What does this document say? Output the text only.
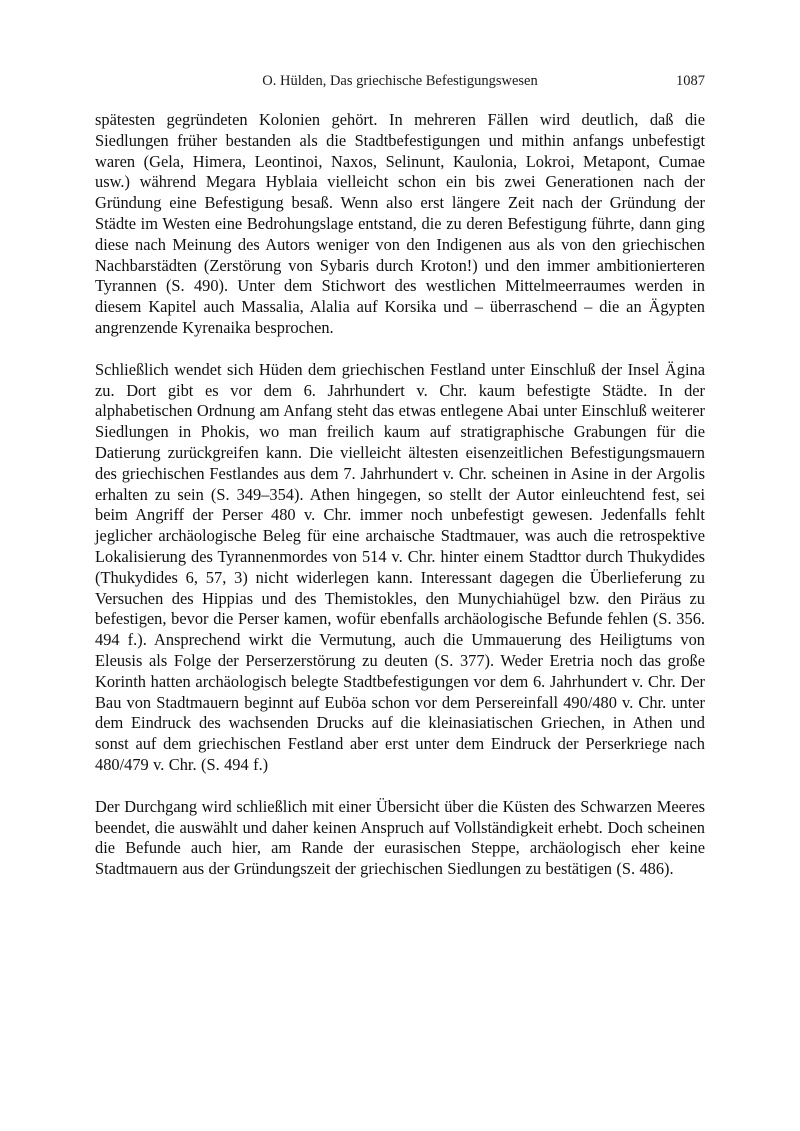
O. Hülden, Das griechische Befestigungswesen	1087

spätesten gegründeten Kolonien gehört. In mehreren Fällen wird deutlich, daß die Siedlungen früher bestanden als die Stadtbefestigungen und mithin anfangs unbefestigt waren (Gela, Himera, Leontinoi, Naxos, Selinunt, Kaulonia, Lokroi, Metapont, Cumae usw.) während Megara Hyblaia vielleicht schon ein bis zwei Generationen nach der Gründung eine Befestigung besaß. Wenn also erst längere Zeit nach der Gründung der Städte im Westen eine Bedrohungslage entstand, die zu deren Befestigung führte, dann ging diese nach Meinung des Autors weniger von den Indigenen aus als von den griechischen Nachbarstädten (Zerstörung von Sybaris durch Kroton!) und den immer ambitionierteren Tyrannen (S. 490). Unter dem Stichwort des westlichen Mittelmeerraumes werden in diesem Kapitel auch Massalia, Alalia auf Korsika und – überraschend – die an Ägypten angrenzende Kyrenaika besprochen.

Schließlich wendet sich Hüden dem griechischen Festland unter Einschluß der Insel Ägina zu. Dort gibt es vor dem 6. Jahrhundert v. Chr. kaum befestigte Städte. In der alphabetischen Ordnung am Anfang steht das etwas entlegene Abai unter Einschluß weiterer Siedlungen in Phokis, wo man freilich kaum auf stratigraphische Grabungen für die Datierung zurückgreifen kann. Die vielleicht ältesten eisenzeitlichen Befestigungsmauern des griechischen Festlandes aus dem 7. Jahrhundert v. Chr. scheinen in Asine in der Argolis erhalten zu sein (S. 349–354). Athen hingegen, so stellt der Autor einleuchtend fest, sei beim Angriff der Perser 480 v. Chr. immer noch unbefestigt gewesen. Jedenfalls fehlt jeglicher archäologische Beleg für eine archaische Stadtmauer, was auch die retrospektive Lokalisierung des Tyrannenmordes von 514 v. Chr. hinter einem Stadttor durch Thukydides (Thukydides 6, 57, 3) nicht widerlegen kann. Interessant dagegen die Überlieferung zu Versuchen des Hippias und des Themistokles, den Munychiahügel bzw. den Piräus zu befestigen, bevor die Perser kamen, wofür ebenfalls archäologische Befunde fehlen (S. 356. 494 f.). Ansprechend wirkt die Vermutung, auch die Ummauerung des Heiligtums von Eleusis als Folge der Perserzerstörung zu deuten (S. 377). Weder Eretria noch das große Korinth hatten archäologisch belegte Stadtbefestigungen vor dem 6. Jahrhundert v. Chr. Der Bau von Stadtmauern beginnt auf Euböa schon vor dem Persereinfall 490/480 v. Chr. unter dem Eindruck des wachsenden Drucks auf die kleinasiatischen Griechen, in Athen und sonst auf dem griechischen Festland aber erst unter dem Eindruck der Perserkriege nach 480/479 v. Chr. (S. 494 f.)

Der Durchgang wird schließlich mit einer Übersicht über die Küsten des Schwarzen Meeres beendet, die auswählt und daher keinen Anspruch auf Vollständigkeit erhebt. Doch scheinen die Befunde auch hier, am Rande der eurasischen Steppe, archäologisch eher keine Stadtmauern aus der Gründungszeit der griechischen Siedlungen zu bestätigen (S. 486).
